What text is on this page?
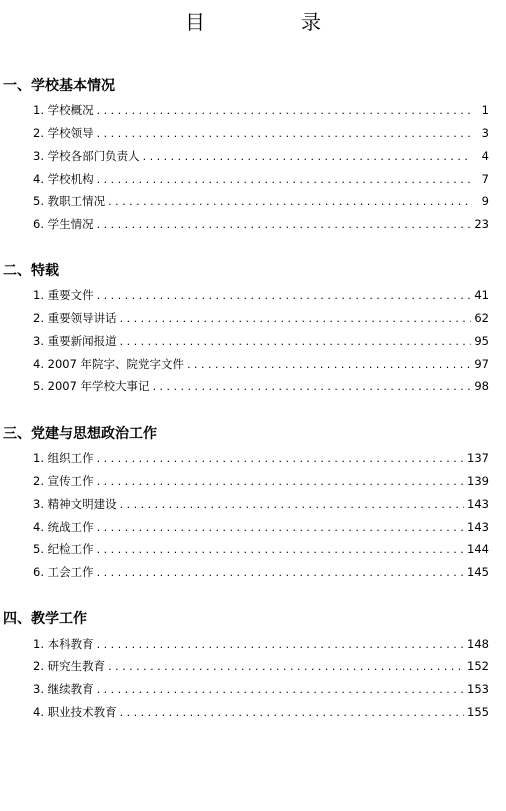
目　录
一、学校基本情况
1. 学校概况 . . .	1
2. 学校领导 . . .	3
3. 学校各部门负责人 . . .	4
4. 学校机构 . . .	7
5. 教职工情况 . . .	9
6. 学生情况 . . .	23
二、特载
1. 重要文件 . . .	41
2. 重要领导讲话 . . .	62
3. 重要新闻报道 . . .	95
4. 2007 年院字、院党字文件 . . .	97
5. 2007 年学校大事记 . . .	98
三、党建与思想政治工作
1. 组织工作 . . .	137
2. 宣传工作 . . .	139
3. 精神文明建设 . . .	143
4. 统战工作 . . .	143
5. 纪检工作 . . .	144
6. 工会工作 . . .	145
四、教学工作
1. 本科教育 . . .	148
2. 研究生教育 . . .	152
3. 继续教育 . . .	153
4. 职业技术教育 . . .	155
